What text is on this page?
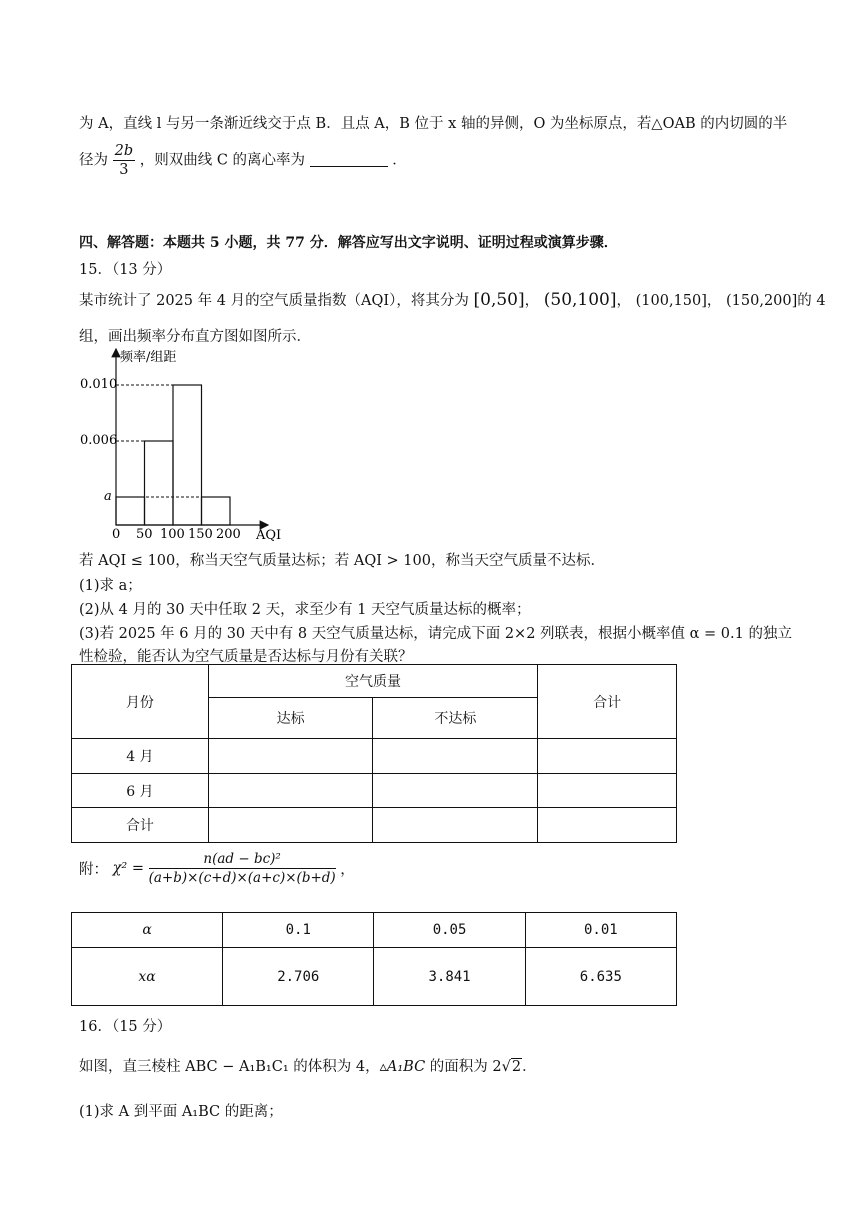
为 A，直线 l 与另一条渐近线交于点 B．且点 A，B 位于 x 轴的异侧，O 为坐标原点，若△OAB 的内切圆的半
径为 $\frac{2b}{3}$ ，则双曲线 C 的离心率为	．
四、解答题：本题共 5 小题，共 77 分．解答应写出文字说明、证明过程或演算步骤．
15．（13 分）
某市统计了 2025 年 4 月的空气质量指数（AQI），将其分为 [0,50]， (50,100]， (100,150]， (150,200]的 4
组，画出频率分布直方图如图所示．
频率/组距
AQI
0.010
0.006
a
0 50 100 150 200
若 AQI ≤ 100，称当天空气质量达标；若 AQI > 100，称当天空气质量不达标．
(1)求 a；
(2)从 4 月的 30 天中任取 2 天，求至少有 1 天空气质量达标的概率；
(3)若 2025 年 6 月的 30 天中有 8 天空气质量达标，请完成下面 2×2 列联表，根据小概率值 α = 0.1 的独立
性检验，能否认为空气质量是否达标与月份有关联？
月份	空气质量		合计
	达标	不达标	
4 月			
6 月			
合计			
附： $\chi^2 = \frac{\text{n(ad − bc)²}}{(a+b)\times(c+d)\times(a+c)\times(b+d)}$ ，
α	0.1	0.05	0.01
xα	2.706	3.841	6.635
16．（15 分）
如图，直三棱柱 ABC − A₁B₁C₁ 的体积为 4，▵A₁BC 的面积为 2√2．
(1)求 A 到平面 A₁BC 的距离；
